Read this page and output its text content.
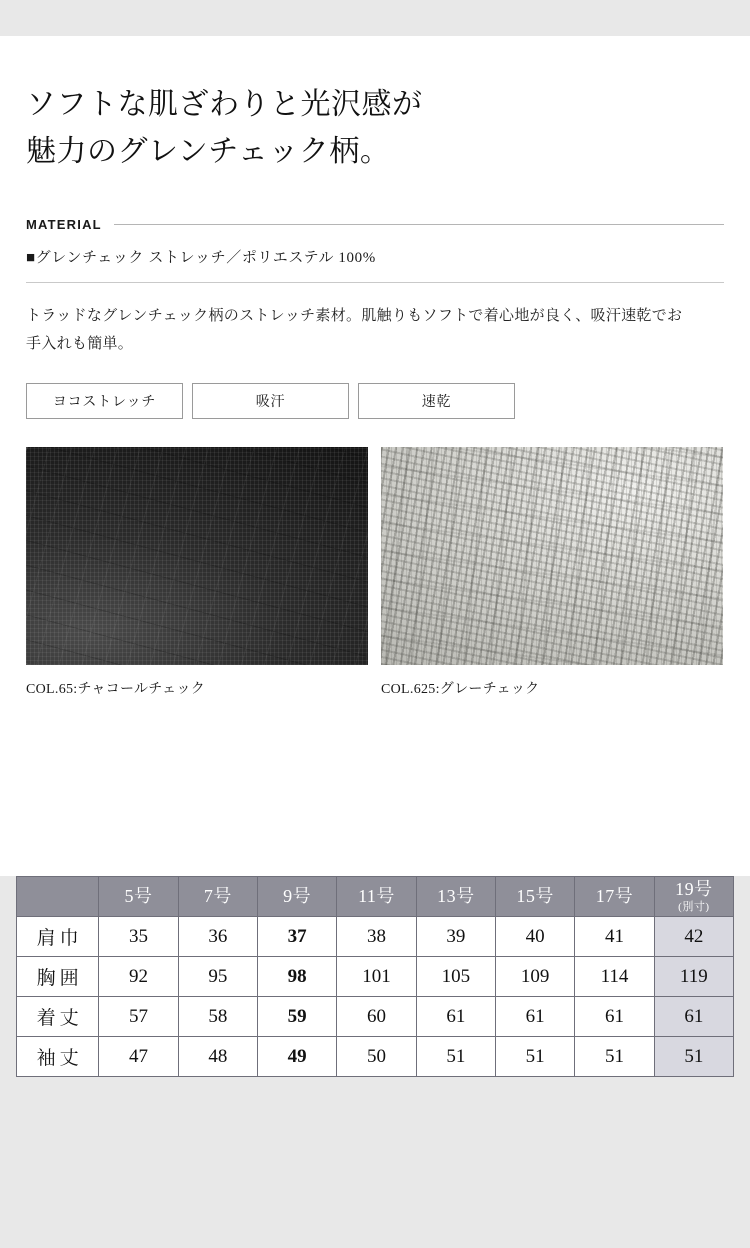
ソフトな肌ざわりと光沢感が
魅力のグレンチェック柄。
MATERIAL
■グレンチェック ストレッチ／ポリエステル 100%
トラッドなグレンチェック柄のストレッチ素材。肌触りもソフトで着心地が良く、吸汗速乾でお手入れも簡単。
ヨコストレッチ	吸汗	速乾
COL.65:チャコールチェック	COL.625:グレーチェック

	5号	7号	9号	11号	13号	15号	17号	19号
(別寸)

肩巾	35	36	37	38	39	40	41	42
胸囲	92	95	98	101	105	109	114	119
着丈	57	58	59	60	61	61	61	61
袖丈	47	48	49	50	51	51	51	51
